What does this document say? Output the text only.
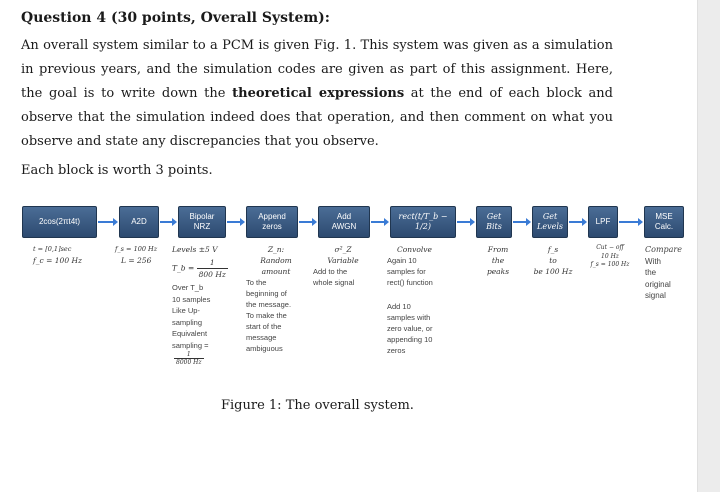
Question 4 (30 points, Overall System):
An overall system similar to a PCM is given Fig. 1. This system was given as a simulation in previous years, and the simulation codes are given as part of this assignment. Here, the goal is to write down the theoretical expressions at the end of each block and observe that the simulation indeed does that operation, and then comment on what you observe and state any discrepancies that you observe.
Each block is worth 3 points.
2cos(2πt4t)	A2D
Bipolar
NRZ
Append
zeros
Add
AWGN
rect(t/T_b − 1/2)
Get
Bits
Get
Levels
LPF
MSE
Calc.
t = [0,1]sec
f_c = 100 Hz
f_s = 100 Hz
L = 256
Levels ±5 V
T_b = $\frac{1}{800 Hz}$
Over T_b
10 samples
Like Up-
sampling
Equivalent
sampling =
$\frac{1}{8000 Hz}$
Z_n:
Random
amount
To the
beginning of
the message.
To make the
start of the
message
ambiguous
σ²_Z
Variable
Add to the
whole signal
Convolve
Again 10
samples for
rect() function
Add 10
samples with
zero value, or
appending 10
zeros
From
the
peaks
f_s
to
be 100 Hz
Cut − off
10 Hz
f_s = 100 Hz
Compare
With
the
original
signal
Figure 1: The overall system.
